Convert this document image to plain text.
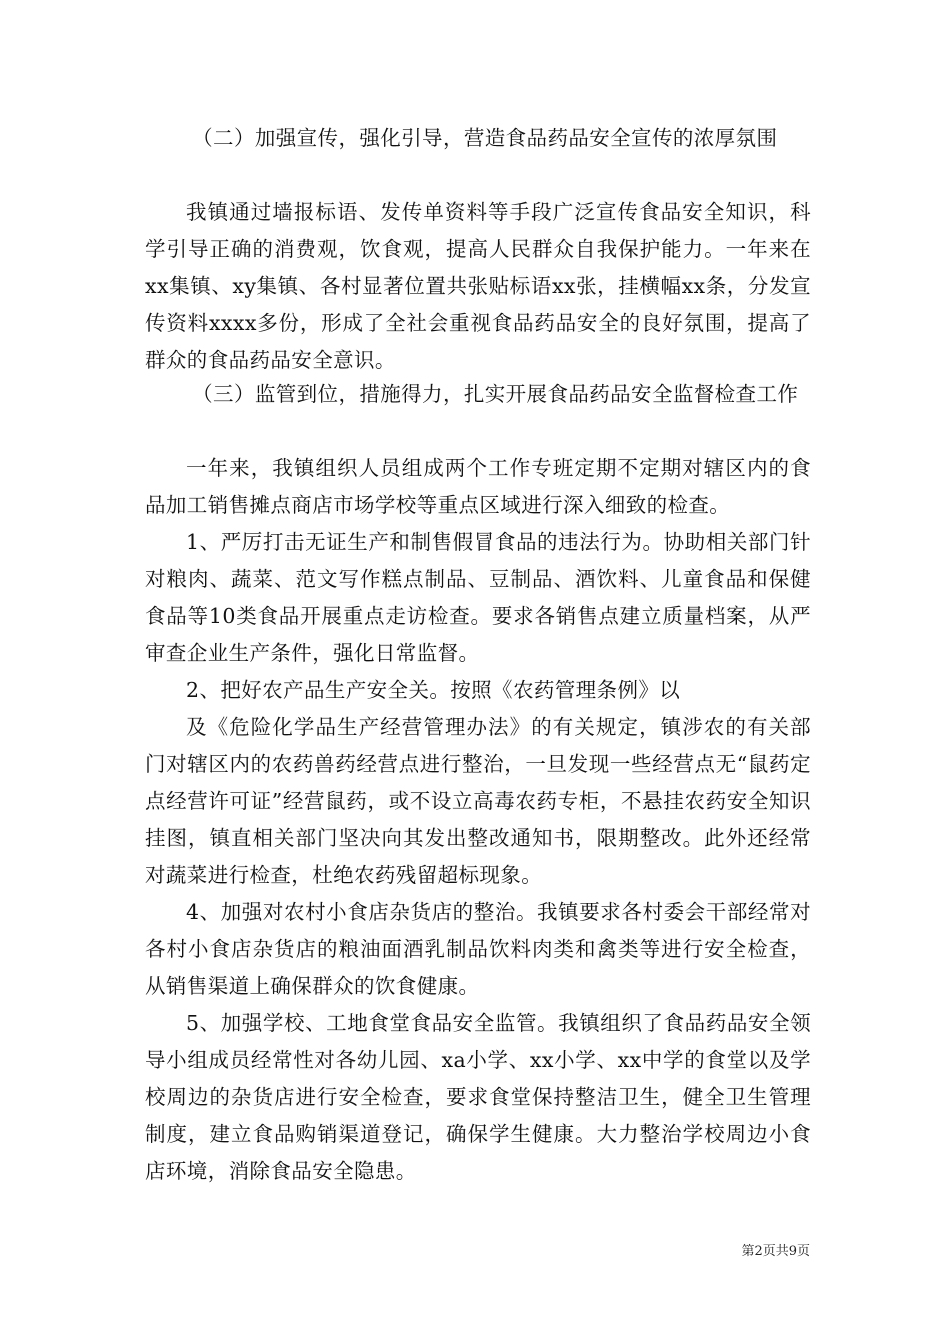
（二）加强宣传，强化引导，营造食品药品安全宣传的浓厚氛围

我镇通过墙报标语、发传单资料等手段广泛宣传食品安全知识，科学引导正确的消费观，饮食观，提高人民群众自我保护能力。一年来在xx集镇、xy集镇、各村显著位置共张贴标语xx张，挂横幅xx条，分发宣传资料xxxx多份，形成了全社会重视食品药品安全的良好氛围，提高了群众的食品药品安全意识。

（三）监管到位，措施得力，扎实开展食品药品安全监督检查工作

一年来，我镇组织人员组成两个工作专班定期不定期对辖区内的食品加工销售摊点商店市场学校等重点区域进行深入细致的检查。

1、严厉打击无证生产和制售假冒食品的违法行为。协助相关部门针对粮肉、蔬菜、范文写作糕点制品、豆制品、酒饮料、儿童食品和保健食品等10类食品开展重点走访检查。要求各销售点建立质量档案，从严审查企业生产条件，强化日常监督。

2、把好农产品生产安全关。按照《农药管理条例》以

及《危险化学品生产经营管理办法》的有关规定，镇涉农的有关部门对辖区内的农药兽药经营点进行整治，一旦发现一些经营点无“鼠药定点经营许可证”经营鼠药，或不设立高毒农药专柜，不悬挂农药安全知识挂图，镇直相关部门坚决向其发出整改通知书，限期整改。此外还经常对蔬菜进行检查，杜绝农药残留超标现象。

4、加强对农村小食店杂货店的整治。我镇要求各村委会干部经常对各村小食店杂货店的粮油面酒乳制品饮料肉类和禽类等进行安全检查，从销售渠道上确保群众的饮食健康。

5、加强学校、工地食堂食品安全监管。我镇组织了食品药品安全领导小组成员经常性对各幼儿园、xa小学、xx小学、xx中学的食堂以及学校周边的杂货店进行安全检查，要求食堂保持整洁卫生，健全卫生管理制度，建立食品购销渠道登记，确保学生健康。大力整治学校周边小食店环境，消除食品安全隐患。

第2页共9页
